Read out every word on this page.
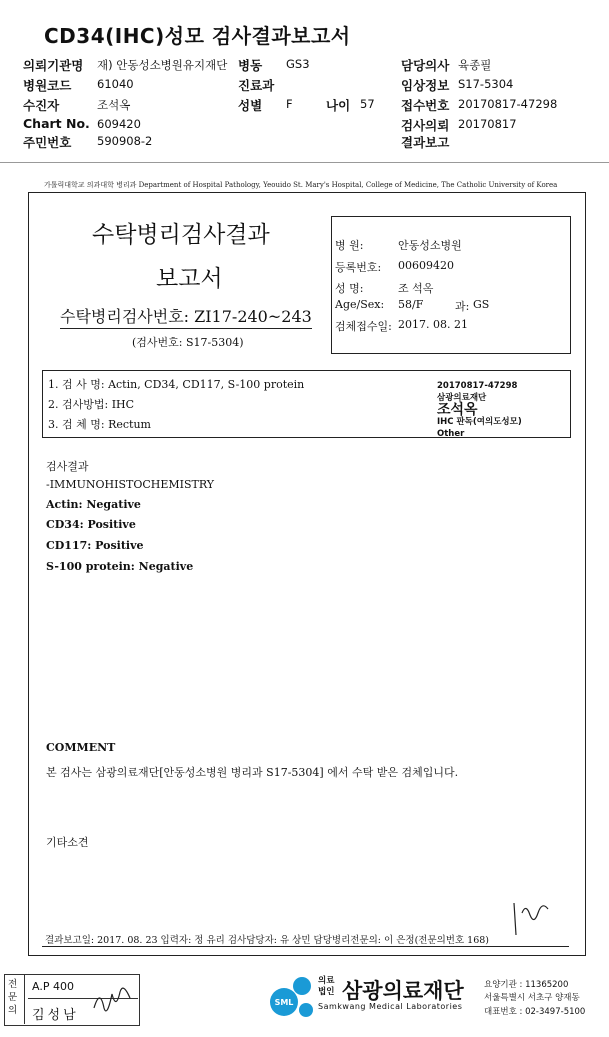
CD34(IHC)성모 검사결과보고서
의뢰기관명 재) 안동성소병원유지재단 병동 GS3	담당의사 육종필
병원코드 61040	진료과	임상정보 S17-5304
수진자	조석옥	성별 F	나이 57 접수번호 20170817-47298
Chart No. 609420	검사의뢰 20170817
주민번호 590908-2	결과보고
가톨릭대학교 의과대학 병리과 Department of Hospital Pathology, Yeouido St. Mary's Hospital, College of Medicine, The Catholic University of Korea
수탁병리검사결과
보고서
수탁병리검사번호: ZI17-240~243
(검사번호: S17-5304)
병 원:	안동성소병원
등록번호: 00609420
성 명:	조 석옥
Age/Sex: 58/F	과: GS
검체접수일: 2017. 08. 21
1. 검 사 명: Actin, CD34, CD117, S-100 protein
2. 검사방법: IHC
3. 검 체 명: Rectum
20170817-47298
삼광의료재단
조석옥
IHC 판독(여의도성모)
Other
검사결과
-IMMUNOHISTOCHEMISTRY
Actin: Negative
CD34: Positive
CD117: Positive
S-100 protein: Negative
COMMENT
본 검사는 삼광의료재단[안동성소병원 병리과 S17-5304] 에서 수탁 받은 검체입니다.
기타소견
결과보고일: 2017. 08. 23 입력자: 정 유리 검사담당자: 유 상민 담당병리전문의: 이 은정(전문의번호 168)
전문의
A.P 400
김성남
SML
의료
법인 삼광의료재단
Samkwang Medical Laboratories
요양기관 : 11365200
서울특별시 서초구 양재동
대표번호 : 02-3497-5100
